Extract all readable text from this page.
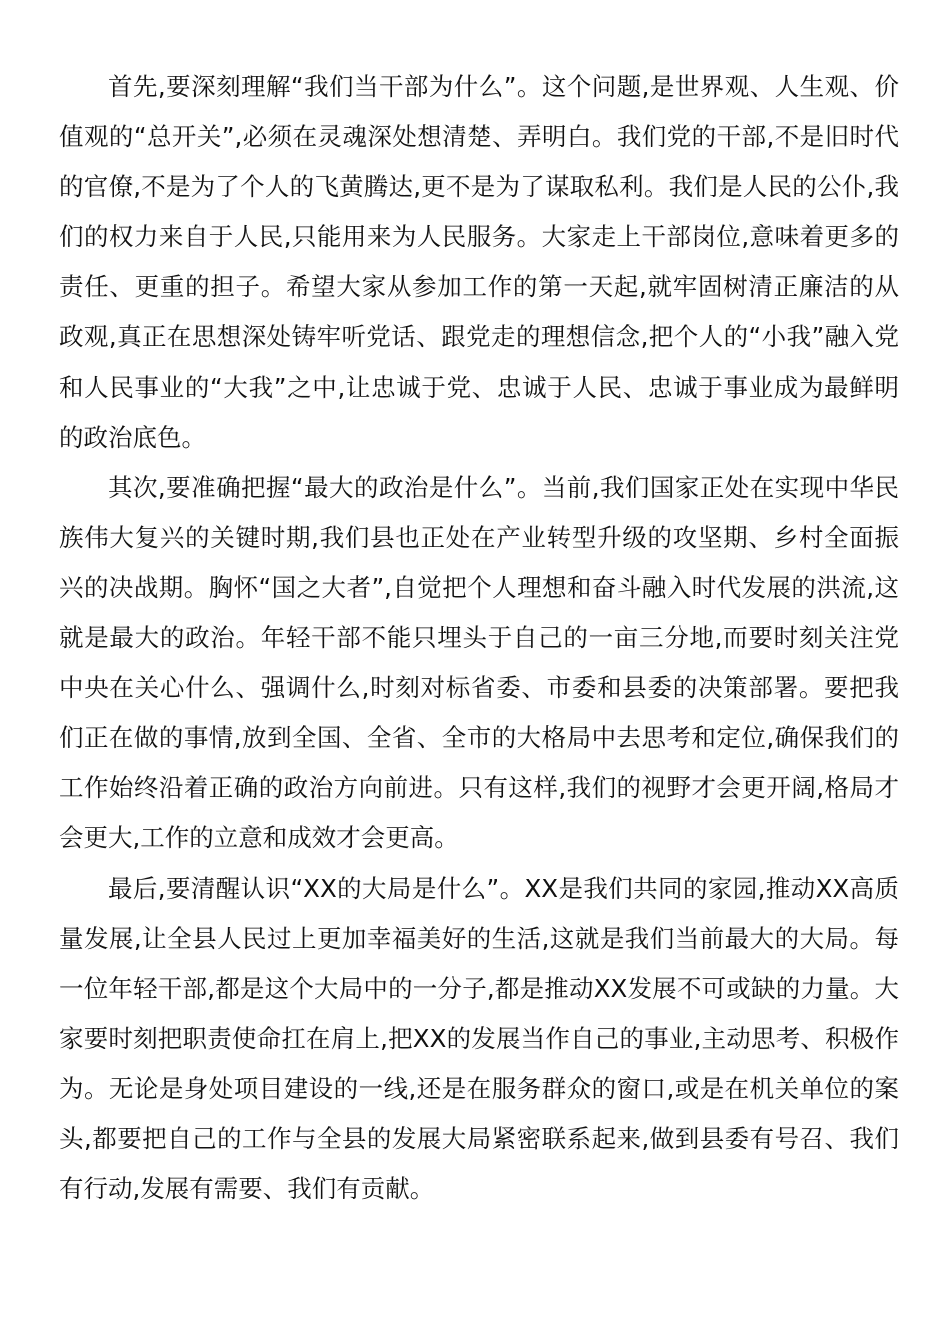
首先,要深刻理解“我们当干部为什么”。这个问题,是世界观、人生观、价值观的“总开关”,必须在灵魂深处想清楚、弄明白。我们党的干部,不是旧时代的官僚,不是为了个人的飞黄腾达,更不是为了谋取私利。我们是人民的公仆,我们的权力来自于人民,只能用来为人民服务。大家走上干部岗位,意味着更多的责任、更重的担子。希望大家从参加工作的第一天起,就牢固树清正廉洁的从政观,真正在思想深处铸牢听党话、跟党走的理想信念,把个人的“小我”融入党和人民事业的“大我”之中,让忠诚于党、忠诚于人民、忠诚于事业成为最鲜明的政治底色。

其次,要准确把握“最大的政治是什么”。当前,我们国家正处在实现中华民族伟大复兴的关键时期,我们县也正处在产业转型升级的攻坚期、乡村全面振兴的决战期。胸怀“国之大者”,自觉把个人理想和奋斗融入时代发展的洪流,这就是最大的政治。年轻干部不能只埋头于自己的一亩三分地,而要时刻关注党中央在关心什么、强调什么,时刻对标省委、市委和县委的决策部署。要把我们正在做的事情,放到全国、全省、全市的大格局中去思考和定位,确保我们的工作始终沿着正确的政治方向前进。只有这样,我们的视野才会更开阔,格局才会更大,工作的立意和成效才会更高。

最后,要清醒认识“XX的大局是什么”。XX是我们共同的家园,推动XX高质量发展,让全县人民过上更加幸福美好的生活,这就是我们当前最大的大局。每一位年轻干部,都是这个大局中的一分子,都是推动XX发展不可或缺的力量。大家要时刻把职责使命扛在肩上,把XX的发展当作自己的事业,主动思考、积极作为。无论是身处项目建设的一线,还是在服务群众的窗口,或是在机关单位的案头,都要把自己的工作与全县的发展大局紧密联系起来,做到县委有号召、我们有行动,发展有需要、我们有贡献。
